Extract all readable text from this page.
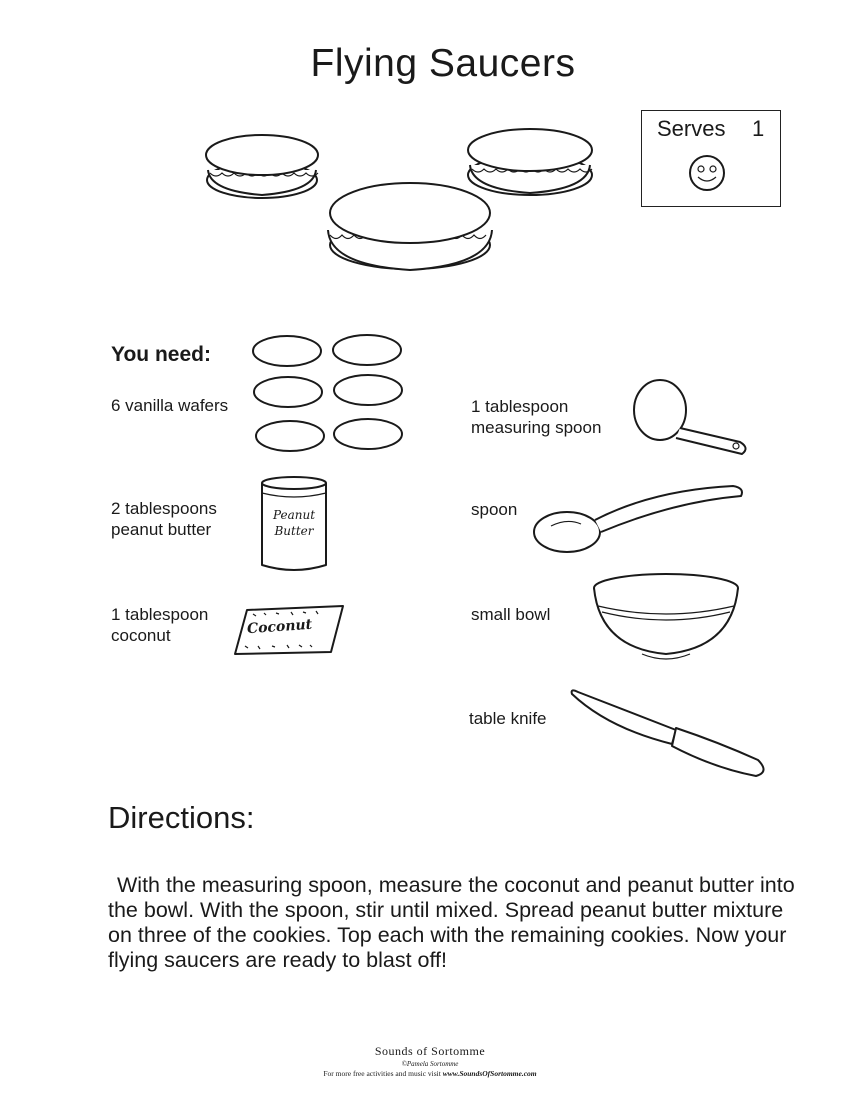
Flying Saucers
Serves 1
You need:
6 vanilla wafers
2 tablespoons
peanut butter
Peanut
Butter
1 tablespoon
coconut	Coconut
1 tablespoon
measuring spoon
spoon
small bowl
table knife
Directions:
With the measuring spoon, measure the coconut and peanut butter into the bowl. With the spoon, stir until mixed. Spread peanut butter mixture on three of the cookies. Top each with the remaining cookies. Now your flying saucers are ready to blast off!
Sounds of Sortomme
©Pamela Sortomme
For more free activities and music visit www.SoundsOfSortomme.com
